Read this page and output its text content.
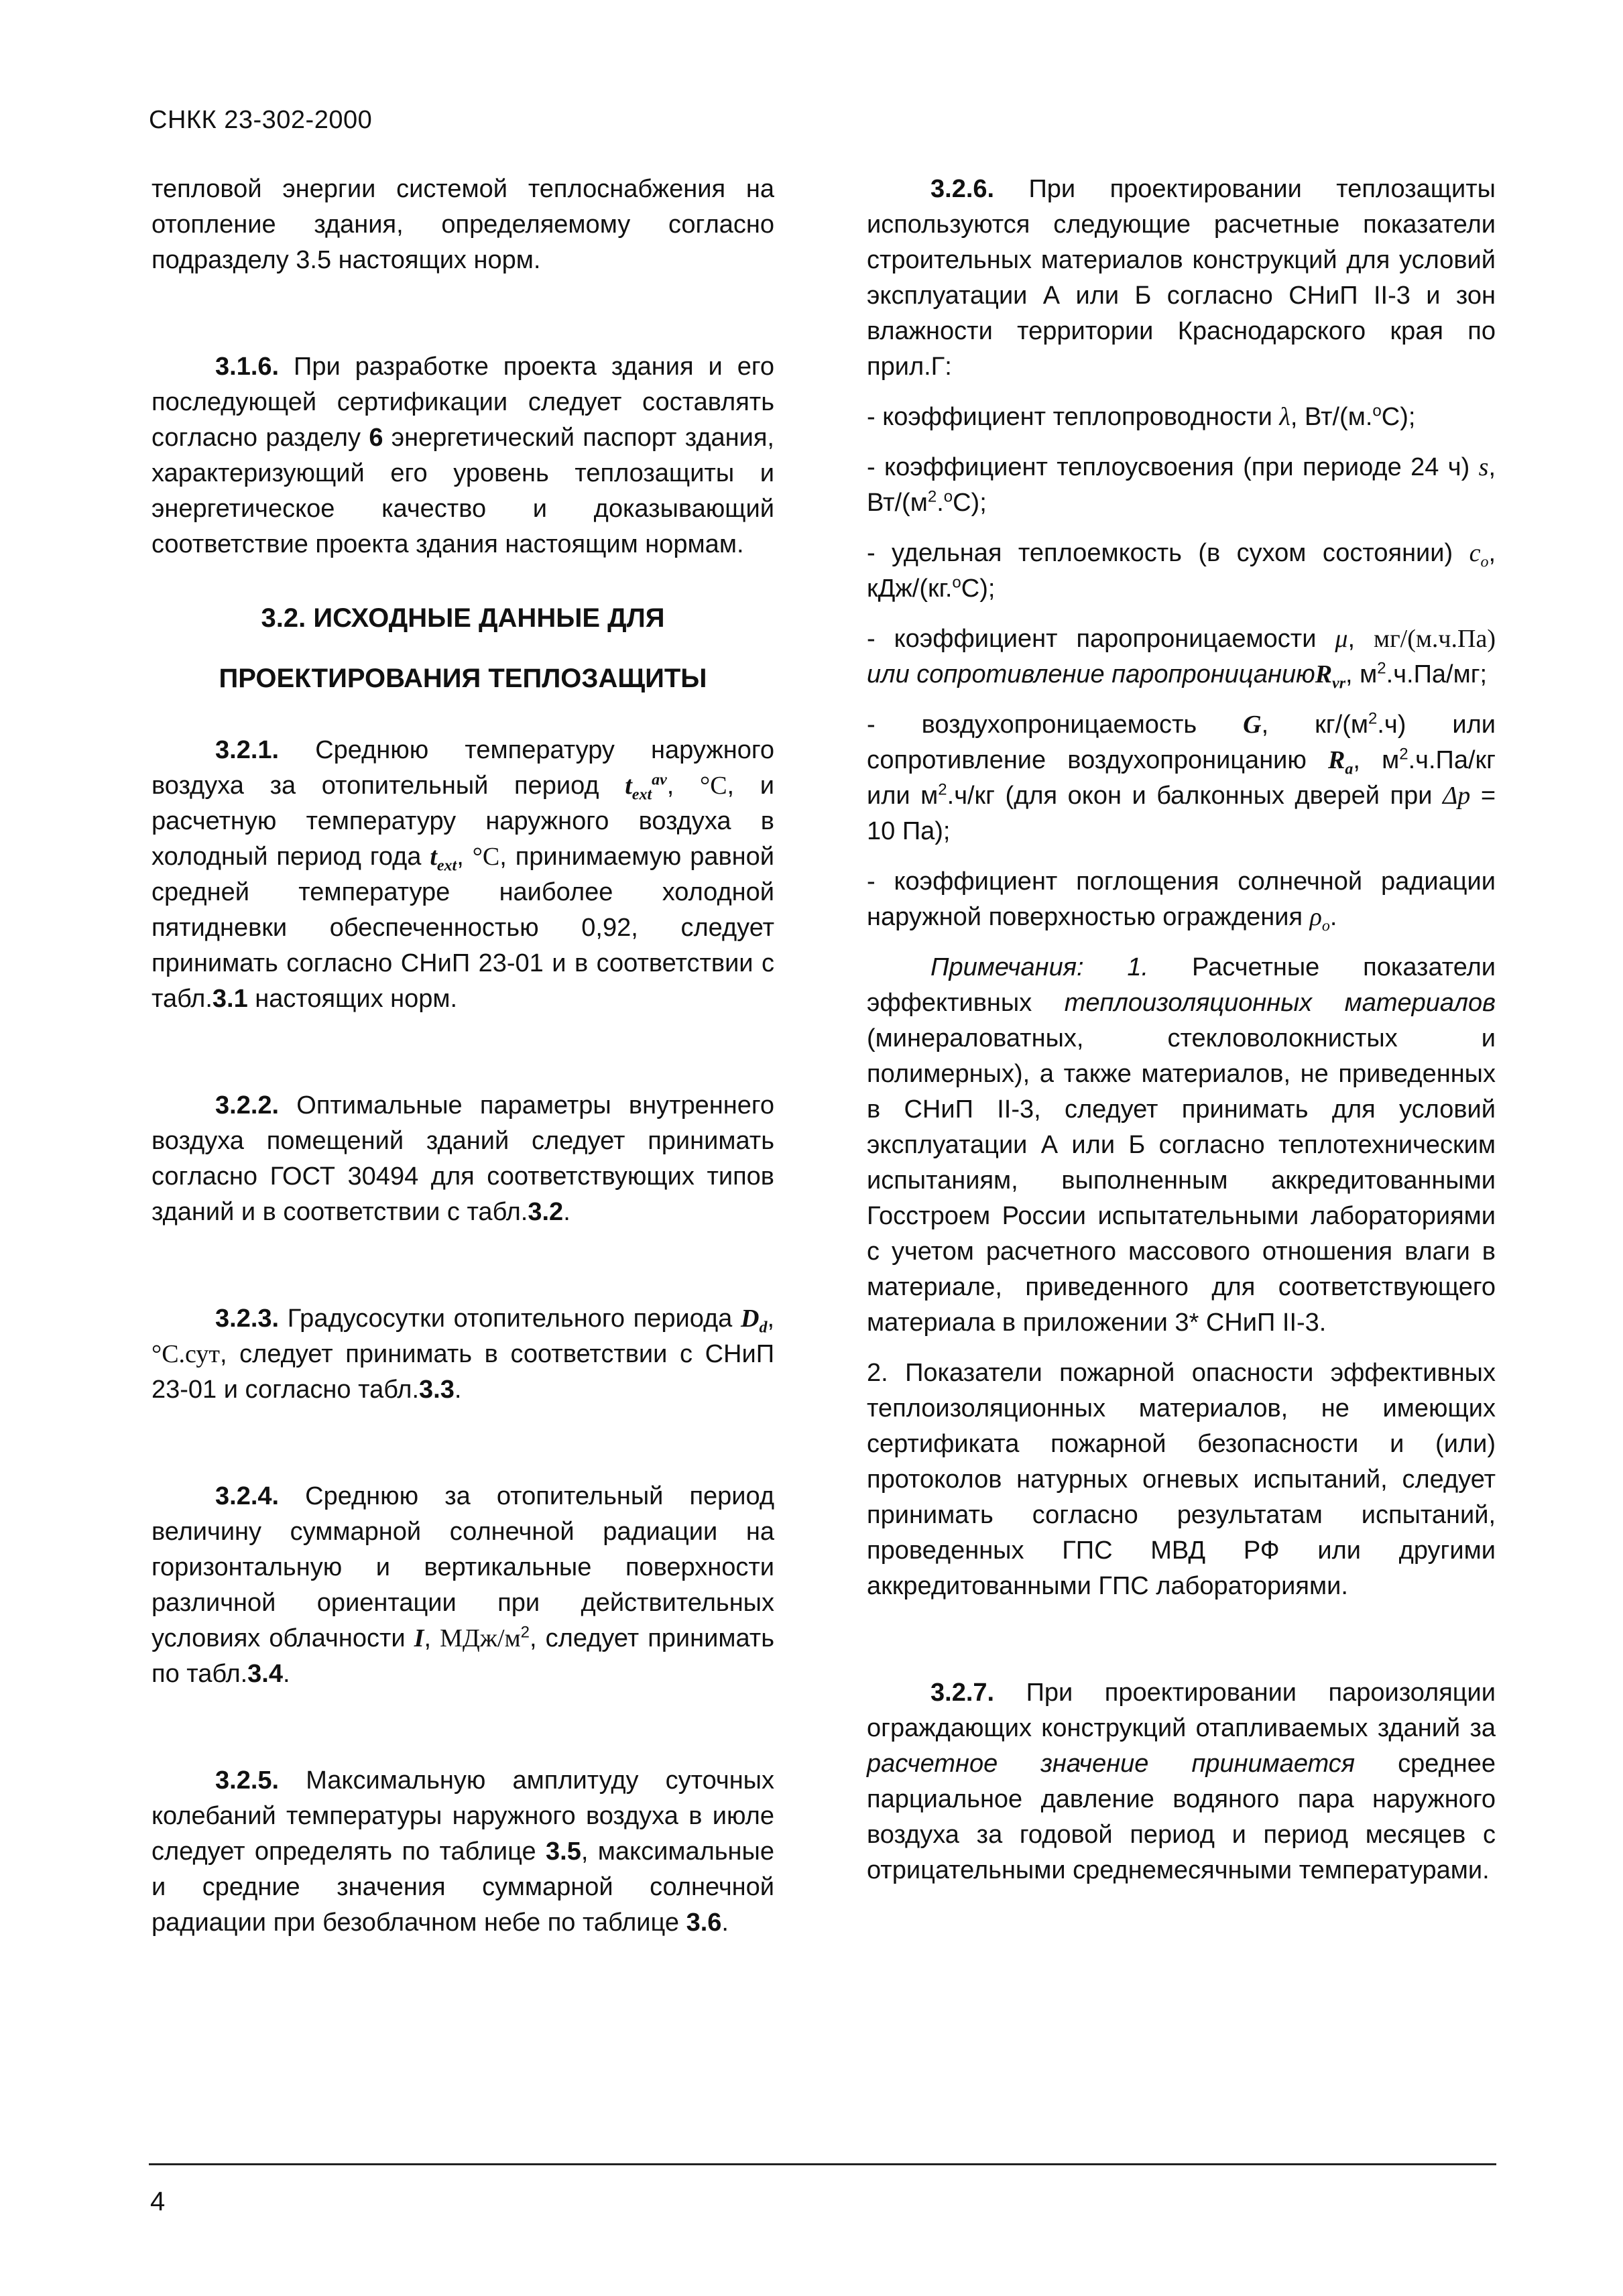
СНКК 23-302-2000

тепловой энергии системой теплоснабжения на отопление здания, определяемому согласно подразделу 3.5 настоящих норм.

3.1.6. При разработке проекта здания и его последующей сертификации следует составлять согласно разделу 6 энергетический паспорт здания, характеризующий его уровень теплозащиты и энергетическое качество и доказывающий соответствие проекта здания настоящим нормам.

3.2. ИСХОДНЫЕ ДАННЫЕ ДЛЯ

ПРОЕКТИРОВАНИЯ ТЕПЛОЗАЩИТЫ

3.2.1. Среднюю температуру наружного воздуха за отопительный период $t_{ext}^{av}$, °С, и расчетную температуру наружного воздуха в холодный период года $t_{ext}$, °С, принимаемую равной средней температуре наиболее холодной пятидневки обеспеченностью 0,92, следует принимать согласно СНиП 23-01 и в соответствии с табл.3.1 настоящих норм.

3.2.2. Оптимальные параметры внутреннего воздуха помещений зданий следует принимать согласно ГОСТ 30494 для соответствующих типов зданий и в соответствии с табл.3.2.

3.2.3. Градусосутки отопительного периода $D_d$, °С.сут, следует принимать в соответствии с СНиП 23-01 и согласно табл.3.3.

3.2.4. Среднюю за отопительный период величину суммарной солнечной радиации на горизонтальную и вертикальные поверхности различной ориентации при действительных условиях облачности I, МДж/$м^2$, следует принимать по табл.3.4.

3.2.5. Максимальную амплитуду суточных колебаний температуры наружного воздуха в июле следует определять по таблице 3.5, максимальные и средние значения суммарной солнечной радиации при безоблачном небе по таблице 3.6.

3.2.6. При проектировании теплозащиты используются следующие расчетные показатели строительных материалов конструкций для условий эксплуатации А или Б согласно СНиП II-3 и зон влажности территории Краснодарского края по прил.Г:

- коэффициент теплопроводности λ, Вт/(м.$^o$С);

- коэффициент теплоусвоения (при периоде 24 ч) s, $Вт/(м^2.^oС)$;

- удельная теплоемкость (в сухом состоянии) $c_o$, кДж/(кг.$^o$С);

- коэффициент паропроницаемости μ, мг/(м.ч.Па) или сопротивление паропроницаниюR$_{vr}$, $м^2.ч.Па/мг$;

- воздухопроницаемость G, $кг/(м^2.ч)$ или сопротивление воздухопроницанию $R_a$, $м^2.ч.Па/кг$ или $м^2.ч/кг$ (для окон и балконных дверей при Δp = 10 Па);

- коэффициент поглощения солнечной радиации наружной поверхностью ограждения $\rho_o$.

Примечания: 1. Расчетные показатели эффективных теплоизоляционных материалов (минераловатных, стекловолокнистых и полимерных), а также материалов, не приведенных в СНиП II-3, следует принимать для условий эксплуатации А или Б согласно теплотехническим испытаниям, выполненным аккредитованными Госстроем России испытательными лабораториями с учетом расчетного массового отношения влаги в материале, приведенного для соответствующего материала в приложении 3* СНиП II-3.

2. Показатели пожарной опасности эффективных теплоизоляционных материалов, не имеющих сертификата пожарной безопасности и (или) протоколов натурных огневых испытаний, следует принимать согласно результатам испытаний, проведенных ГПС МВД РФ или другими аккредитованными ГПС лабораториями.

3.2.7. При проектировании пароизоляции ограждающих конструкций отапливаемых зданий за расчетное значение принимается среднее парциальное давление водяного пара наружного воздуха за годовой период и период месяцев с отрицательными среднемесячными температурами.

4
